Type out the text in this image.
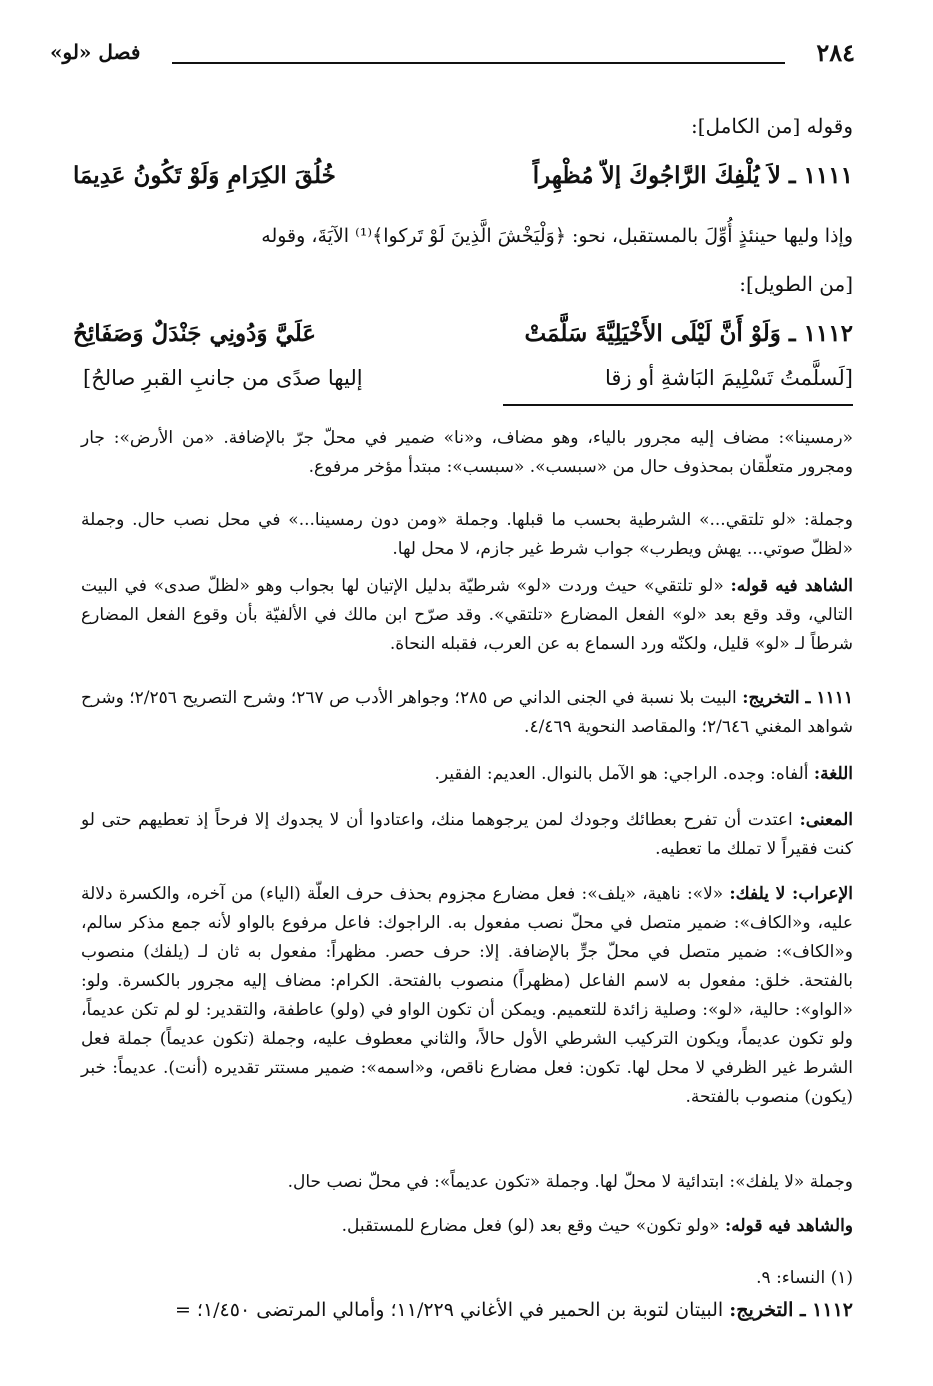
٢٨٤
فصل «لو»
وقوله [من الكامل]:
١١١١ ـ لاَ يُلْفِكَ الرَّاجُوكَ إلاّ مُظْهِراً
خُلُقَ الكِرَامِ وَلَوْ تَكُونُ عَدِيمَا
وإذا وليها حينئذٍ أُوِّلَ بالمستقبل، نحو: ﴿وَلْيَخْشَ الَّذِينَ لَوْ تَركوا﴾⁽¹⁾ الآيَةَ، وقوله
[من الطويل]:
١١١٢ ـ وَلَوْ أَنَّ لَيْلَى الأَخْيَلِيَّةَ سَلَّمَتْ
عَلَيَّ وَدُونِي جَنْدَلٌ وَصَفَائِحُ
[لَسلَّمتُ تَسْلِيمَ البَاشةِ أو زقا
إليها صدًى من جانبِ القبرِ صالحُ]
«رمسينا»: مضاف إليه مجرور بالياء، وهو مضاف، و«نا» ضمير في محلّ جرّ بالإضافة. «من الأرض»: جار ومجرور متعلّقان بمحذوف حال من «سبسب». «سبسب»: مبتدأ مؤخر مرفوع.
وجملة: «لو تلتقي...» الشرطية بحسب ما قبلها. وجملة «ومن دون رمسينا...» في محل نصب حال. وجملة «لظلّ صوتي... يهش ويطرب» جواب شرط غير جازم، لا محل لها.
الشاهد فيه قوله: «لو تلتقي» حيث وردت «لو» شرطيّة بدليل الإتيان لها بجواب وهو «لظلّ صدى» في البيت التالي، وقد وقع بعد «لو» الفعل المضارع «تلتقي». وقد صرّح ابن مالك في الألفيّة بأن وقوع الفعل المضارع شرطاً لـ «لو» قليل، ولكنّه ورد السماع به عن العرب، فقبله النحاة.
١١١١ ـ التخريج: البيت بلا نسبة في الجنى الداني ص ٢٨٥؛ وجواهر الأدب ص ٢٦٧؛ وشرح التصريح ٢/٢٥٦؛ وشرح شواهد المغني ٢/٦٤٦؛ والمقاصد النحوية ٤/٤٦٩.
اللغة: ألفاه: وجده. الراجي: هو الآمل بالنوال. العديم: الفقير.
المعنى: اعتدت أن تفرح بعطائك وجودك لمن يرجوهما منك، واعتادوا أن لا يجدوك إلا فرحاً إذ تعطيهم حتى لو كنت فقيراً لا تملك ما تعطيه.
الإعراب: لا يلفك: «لا»: ناهية، «يلف»: فعل مضارع مجزوم بحذف حرف العلّة (الياء) من آخره، والكسرة دلالة عليه، و«الكاف»: ضمير متصل في محلّ نصب مفعول به. الراجوك: فاعل مرفوع بالواو لأنه جمع مذكر سالم، و«الكاف»: ضمير متصل في محلّ جرٍّ بالإضافة. إلا: حرف حصر. مظهراً: مفعول به ثان لـ (يلفك) منصوب بالفتحة. خلق: مفعول به لاسم الفاعل (مظهراً) منصوب بالفتحة. الكرام: مضاف إليه مجرور بالكسرة. ولو: «الواو»: حالية، «لو»: وصلية زائدة للتعميم. ويمكن أن تكون الواو في (ولو) عاطفة، والتقدير: لو لم تكن عديماً، ولو تكون عديماً، ويكون التركيب الشرطي الأول حالاً، والثاني معطوف عليه، وجملة (تكون عديماً) جملة فعل الشرط غير الظرفي لا محل لها. تكون: فعل مضارع ناقص، و«اسمه»: ضمير مستتر تقديره (أنت). عديماً: خبر (يكون) منصوب بالفتحة.
وجملة «لا يلفك»: ابتدائية لا محلّ لها. وجملة «تكون عديماً»: في محلّ نصب حال.
والشاهد فيه قوله: «ولو تكون» حيث وقع بعد (لو) فعل مضارع للمستقبل.
(١) النساء: ٩.
١١١٢ ـ التخريج: البيتان لتوبة بن الحمير في الأغاني ١١/٢٢٩؛ وأمالي المرتضى ١/٤٥٠؛ =
